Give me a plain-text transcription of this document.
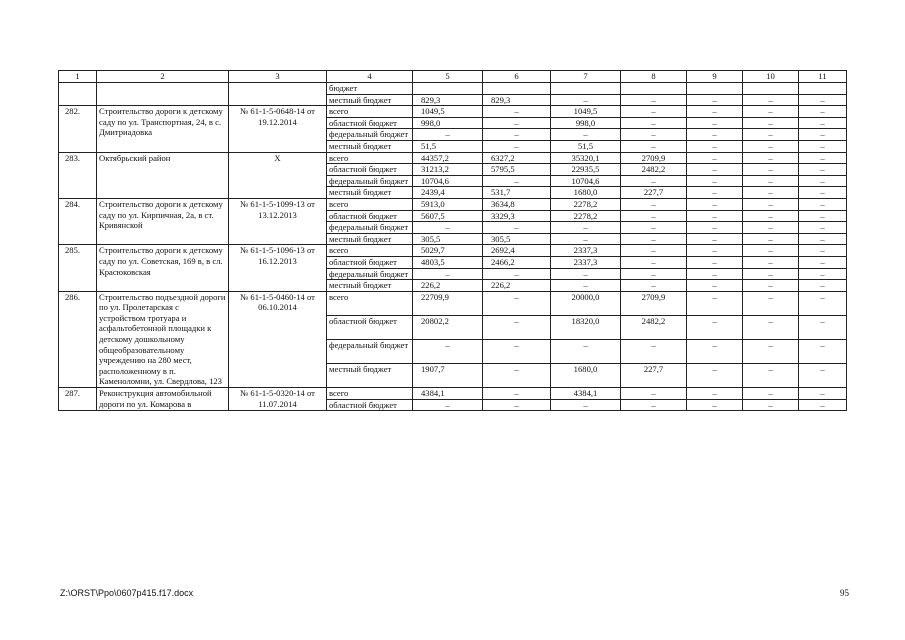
1	2	3	4	5	6	7	8	9	10	11
			бюджет							
			местный бюджет	829,3	829,3	–	–	–	–	–
282.	Строительство дороги к детскому саду по ул. Транспортная, 24, в с. Дмитриадовка	№ 61-1-5-0648-14 от 19.12.2014	всего	1049,5	–	1049,5	–	–	–	–
			областной бюджет	998,0	–	998,0	–	–	–	–
			федеральный бюджет	–	–	–	–	–	–	–
			местный бюджет	51,5	–	51,5	–	–	–	–
283.	Октябрьский район	Х	всего	44357,2	6327,2	35320,1	2709,9	–	–	–
			областной бюджет	31213,2	5795,5	22935,5	2482,2	–	–	–
			федеральный бюджет	10704,6	–	10704,6	–	–	–	–
			местный бюджет	2439,4	531,7	1680,0	227,7	–	–	–
284.	Строительство дороги к детскому саду по ул. Кирпичная, 2а, в ст. Кривянской	№ 61-1-5-1099-13 от 13.12.2013	всего	5913,0	3634,8	2278,2	–	–	–	–
			областной бюджет	5607,5	3329,3	2278,2	–	–	–	–
			федеральный бюджет	–	–	–	–	–	–	–
			местный бюджет	305,5	305,5	–	–	–	–	–
285.	Строительство дороги к детскому саду по ул. Советская, 169 в, в сл. Красюковская	№ 61-1-5-1096-13 от 16.12.2013	всего	5029,7	2692,4	2337,3	–	–	–	–
			областной бюджет	4803,5	2466,2	2337,3	–	–	–	–
			федеральный бюджет	–	–	–	–	–	–	–
			местный бюджет	226,2	226,2	–	–	–	–	–
286.	Строительство подъездной дороги по ул. Пролетарская с устройством тротуара и асфальтобетонной площадки к детскому дошкольному общеобразовательному учреждению на 280 мест, расположенному в п. Каменоломни, ул. Свердлова, 123	№ 61-1-5-0460-14 от 06.10.2014	всего	22709,9	–	20000,0	2709,9	–	–	–
			областной бюджет	20802,2	–	18320,0	2482,2	–	–	–
			федеральный бюджет	–	–	–	–	–	–	–
			местный бюджет	1907,7	–	1680,0	227,7	–	–	–
287.	Реконструкция автомобильной дороги по ул. Комарова в	№ 61-1-5-0320-14 от 11.07.2014	всего	4384,1	–	4384,1	–	–	–	–
			областной бюджет	–	–	–	–	–	–	–
Z:\ORST\Ppo\0607p415.f17.docx	95
